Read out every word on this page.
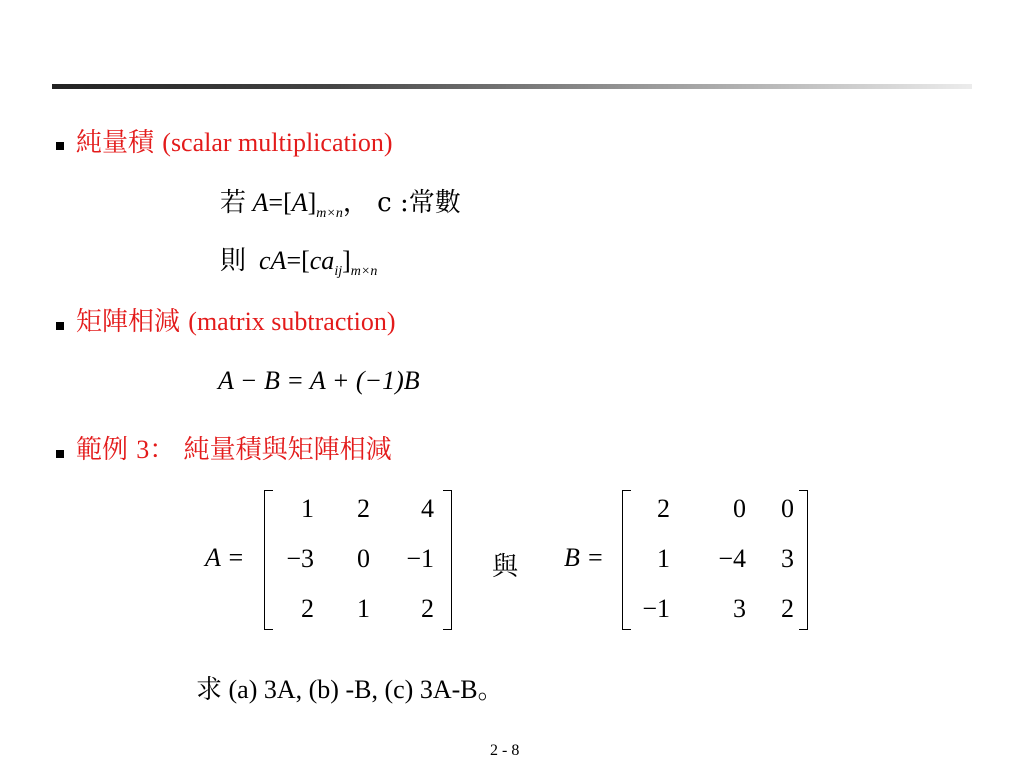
純量積 (scalar multiplication)
若 $A=[A]_{m\times n}$， c :常數
則 $cA=[ca_{ij}]_{m\times n}$
矩陣相減 (matrix subtraction)
A − B = A + (−1)B
範例 3： 純量積與矩陣相減
A =
1	2	4
−3	0	−1
2	1	2
與 B =
2	0	0
1	−4	3
−1	3	2
求 (a) 3A, (b) -B, (c) 3A-B。
2 - 8
